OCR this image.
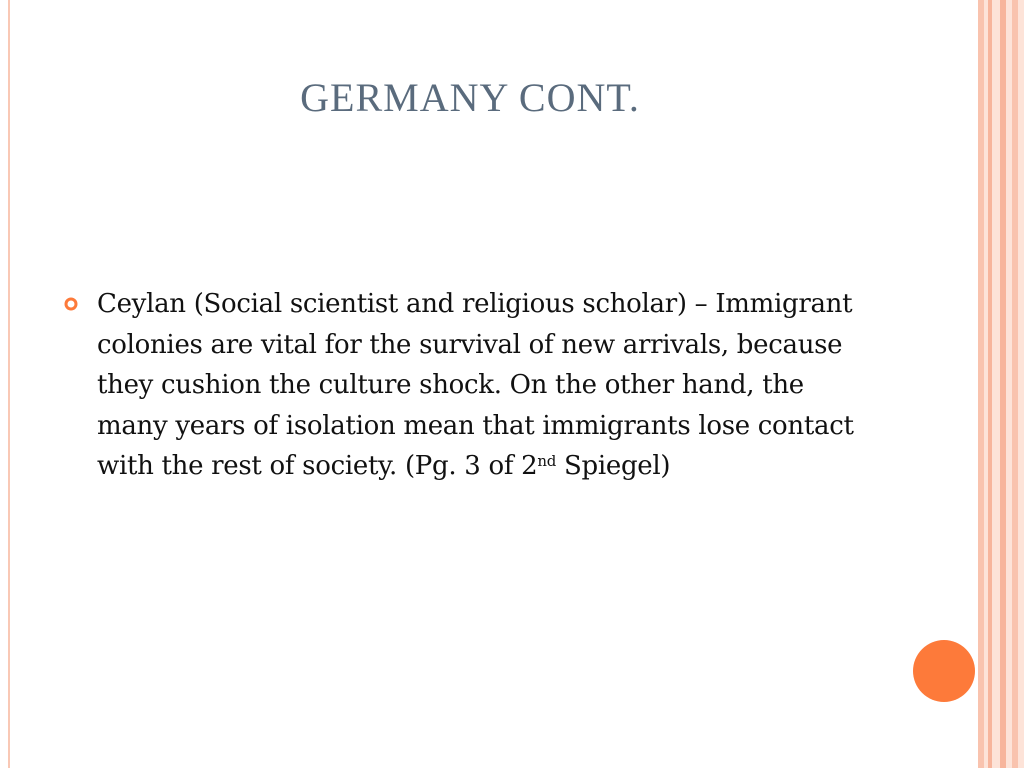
GERMANY CONT.
Ceylan (Social scientist and religious scholar) – Immigrant colonies are vital for the survival of new arrivals, because they cushion the culture shock. On the other hand, the many years of isolation mean that immigrants lose contact with the rest of society. (Pg. 3 of 2nd Spiegel)
